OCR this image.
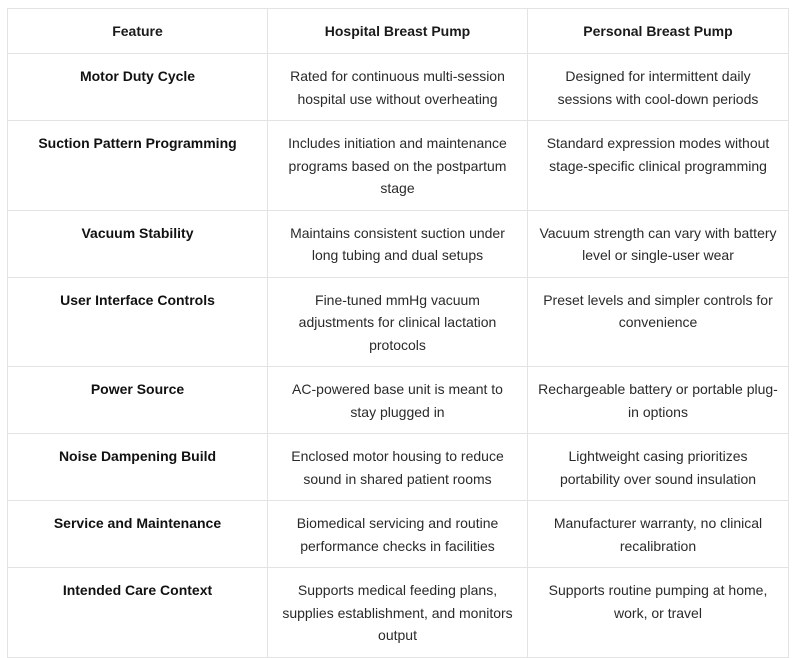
Feature	Hospital Breast Pump	Personal Breast Pump
Motor Duty Cycle	Rated for continuous multi-session hospital use without overheating	Designed for intermittent daily sessions with cool-down periods
Suction Pattern Programming	Includes initiation and maintenance programs based on the postpartum stage	Standard expression modes without stage-specific clinical programming
Vacuum Stability	Maintains consistent suction under long tubing and dual setups	Vacuum strength can vary with battery level or single-user wear
User Interface Controls	Fine-tuned mmHg vacuum adjustments for clinical lactation protocols	Preset levels and simpler controls for convenience
Power Source	AC-powered base unit is meant to stay plugged in	Rechargeable battery or portable plug-in options
Noise Dampening Build	Enclosed motor housing to reduce sound in shared patient rooms	Lightweight casing prioritizes portability over sound insulation
Service and Maintenance	Biomedical servicing and routine performance checks in facilities	Manufacturer warranty, no clinical recalibration
Intended Care Context	Supports medical feeding plans, supplies establishment, and monitors output	Supports routine pumping at home, work, or travel
